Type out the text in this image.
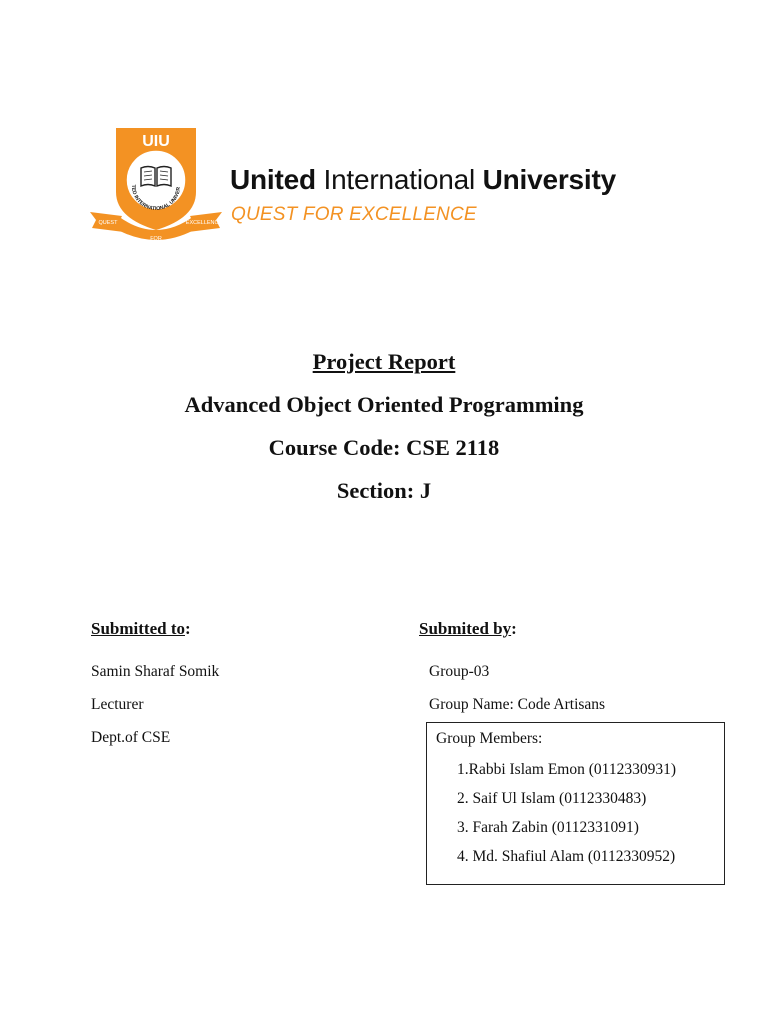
UIU
TED INTERNATIONAL UNIVER
QUEST
FOR
EXCELLENCE
United International University
QUEST FOR EXCELLENCE

Project Report

Advanced Object Oriented Programming

Course Code: CSE 2118

Section: J

Submitted to:

Samin Sharaf Somik

Lecturer

Dept.of CSE

Submited by:

Group-03

Group Name: Code Artisans

Group Members:
1.Rabbi Islam Emon (0112330931)
2. Saif Ul Islam (0112330483)
3. Farah Zabin (0112331091)
4. Md. Shafiul Alam (0112330952)
